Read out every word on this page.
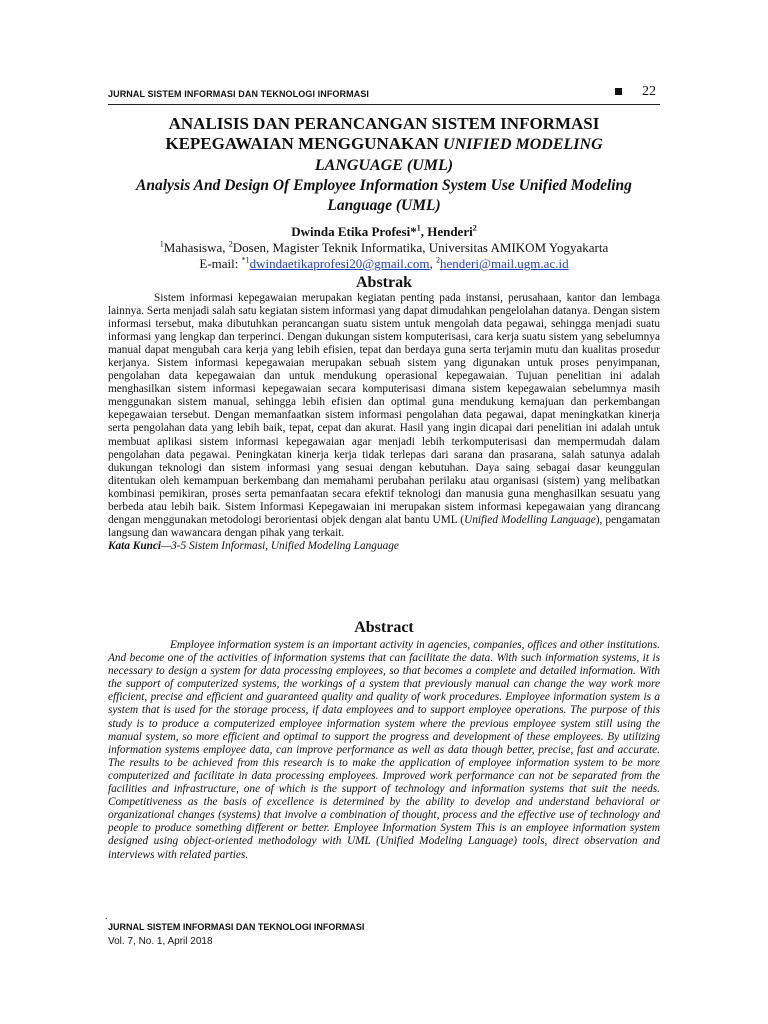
JURNAL SISTEM INFORMASI DAN TEKNOLOGI INFORMASI	22
ANALISIS DAN PERANCANGAN SISTEM INFORMASI
KEPEGAWAIAN MENGGUNAKAN UNIFIED MODELING
LANGUAGE (UML)
Analysis And Design Of Employee Information System Use Unified Modeling Language (UML)
Dwinda Etika Profesi*$^1$, Henderi$^2$
$^1$Mahasiswa, $^2$Dosen, Magister Teknik Informatika, Universitas AMIKOM Yogyakarta
E-mail: $^{*1}$dwindaetikaprofesi20@gmail.com, $^2$henderi@mail.ugm.ac.id
Abstrak

Sistem informasi kepegawaian merupakan kegiatan penting pada instansi, perusahaan, kantor dan lembaga lainnya. Serta menjadi salah satu kegiatan sistem informasi yang dapat dimudahkan pengelolahan datanya. Dengan sistem informasi tersebut, maka dibutuhkan perancangan suatu sistem untuk mengolah data pegawai, sehingga menjadi suatu informasi yang lengkap dan terperinci. Dengan dukungan sistem komputerisasi, cara kerja suatu sistem yang sebelumnya manual dapat mengubah cara kerja yang lebih efisien, tepat dan berdaya guna serta terjamin mutu dan kualitas prosedur kerjanya. Sistem informasi kepegawaian merupakan sebuah sistem yang digunakan untuk proses penyimpanan, pengolahan data kepegawaian dan untuk mendukung operasional kepegawaian. Tujuan penelitian ini adalah menghasilkan sistem informasi kepegawaian secara komputerisasi dimana sistem kepegawaian sebelumnya masih menggunakan sistem manual, sehingga lebih efisien dan optimal guna mendukung kemajuan dan perkembangan kepegawaian tersebut. Dengan memanfaatkan sistem informasi pengolahan data pegawai, dapat meningkatkan kinerja serta pengolahan data yang lebih baik, tepat, cepat dan akurat. Hasil yang ingin dicapai dari penelitian ini adalah untuk membuat aplikasi sistem informasi kepegawaian agar menjadi lebih terkomputerisasi dan mempermudah dalam pengolahan data pegawai. Peningkatan kinerja kerja tidak terlepas dari sarana dan prasarana, salah satunya adalah dukungan teknologi dan sistem informasi yang sesuai dengan kebutuhan. Daya saing sebagai dasar keunggulan ditentukan oleh kemampuan berkembang dan memahami perubahan perilaku atau organisasi (sistem) yang melibatkan kombinasi pemikiran, proses serta pemanfaatan secara efektif teknologi dan manusia guna menghasilkan sesuatu yang berbeda atau lebih baik. Sistem Informasi Kepegawaian ini merupakan sistem informasi kepegawaian yang dirancang dengan menggunakan metodologi berorientasi objek dengan alat bantu UML (Unified Modelling Language), pengamatan langsung dan wawancara dengan pihak yang terkait.

Kata Kunci—3-5 Sistem Informasi, Unified Modeling Language

Abstract

Employee information system is an important activity in agencies, companies, offices and other institutions. And become one of the activities of information systems that can facilitate the data. With such information systems, it is necessary to design a system for data processing employees, so that becomes a complete and detailed information. With the support of computerized systems, the workings of a system that previously manual can change the way work more efficient, precise and efficient and guaranteed quality and quality of work procedures. Employee information system is a system that is used for the storage process, if data employees and to support employee operations. The purpose of this study is to produce a computerized employee information system where the previous employee system still using the manual system, so more efficient and optimal to support the progress and development of these employees. By utilizing information systems employee data, can improve performance as well as data though better, precise, fast and accurate. The results to be achieved from this research is to make the application of employee information system to be more computerized and facilitate in data processing employees. Improved work performance can not be separated from the facilities and infrastructure, one of which is the support of technology and information systems that suit the needs. Competitiveness as the basis of excellence is determined by the ability to develop and understand behavioral or organizational changes (systems) that involve a combination of thought, process and the effective use of technology and people to produce something different or better. Employee Information System This is an employee information system designed using object-oriented methodology with UML (Unified Modeling Language) tools, direct observation and interviews with related parties.

.
JURNAL SISTEM INFORMASI DAN TEKNOLOGI INFORMASI
Vol. 7, No. 1, April 2018
